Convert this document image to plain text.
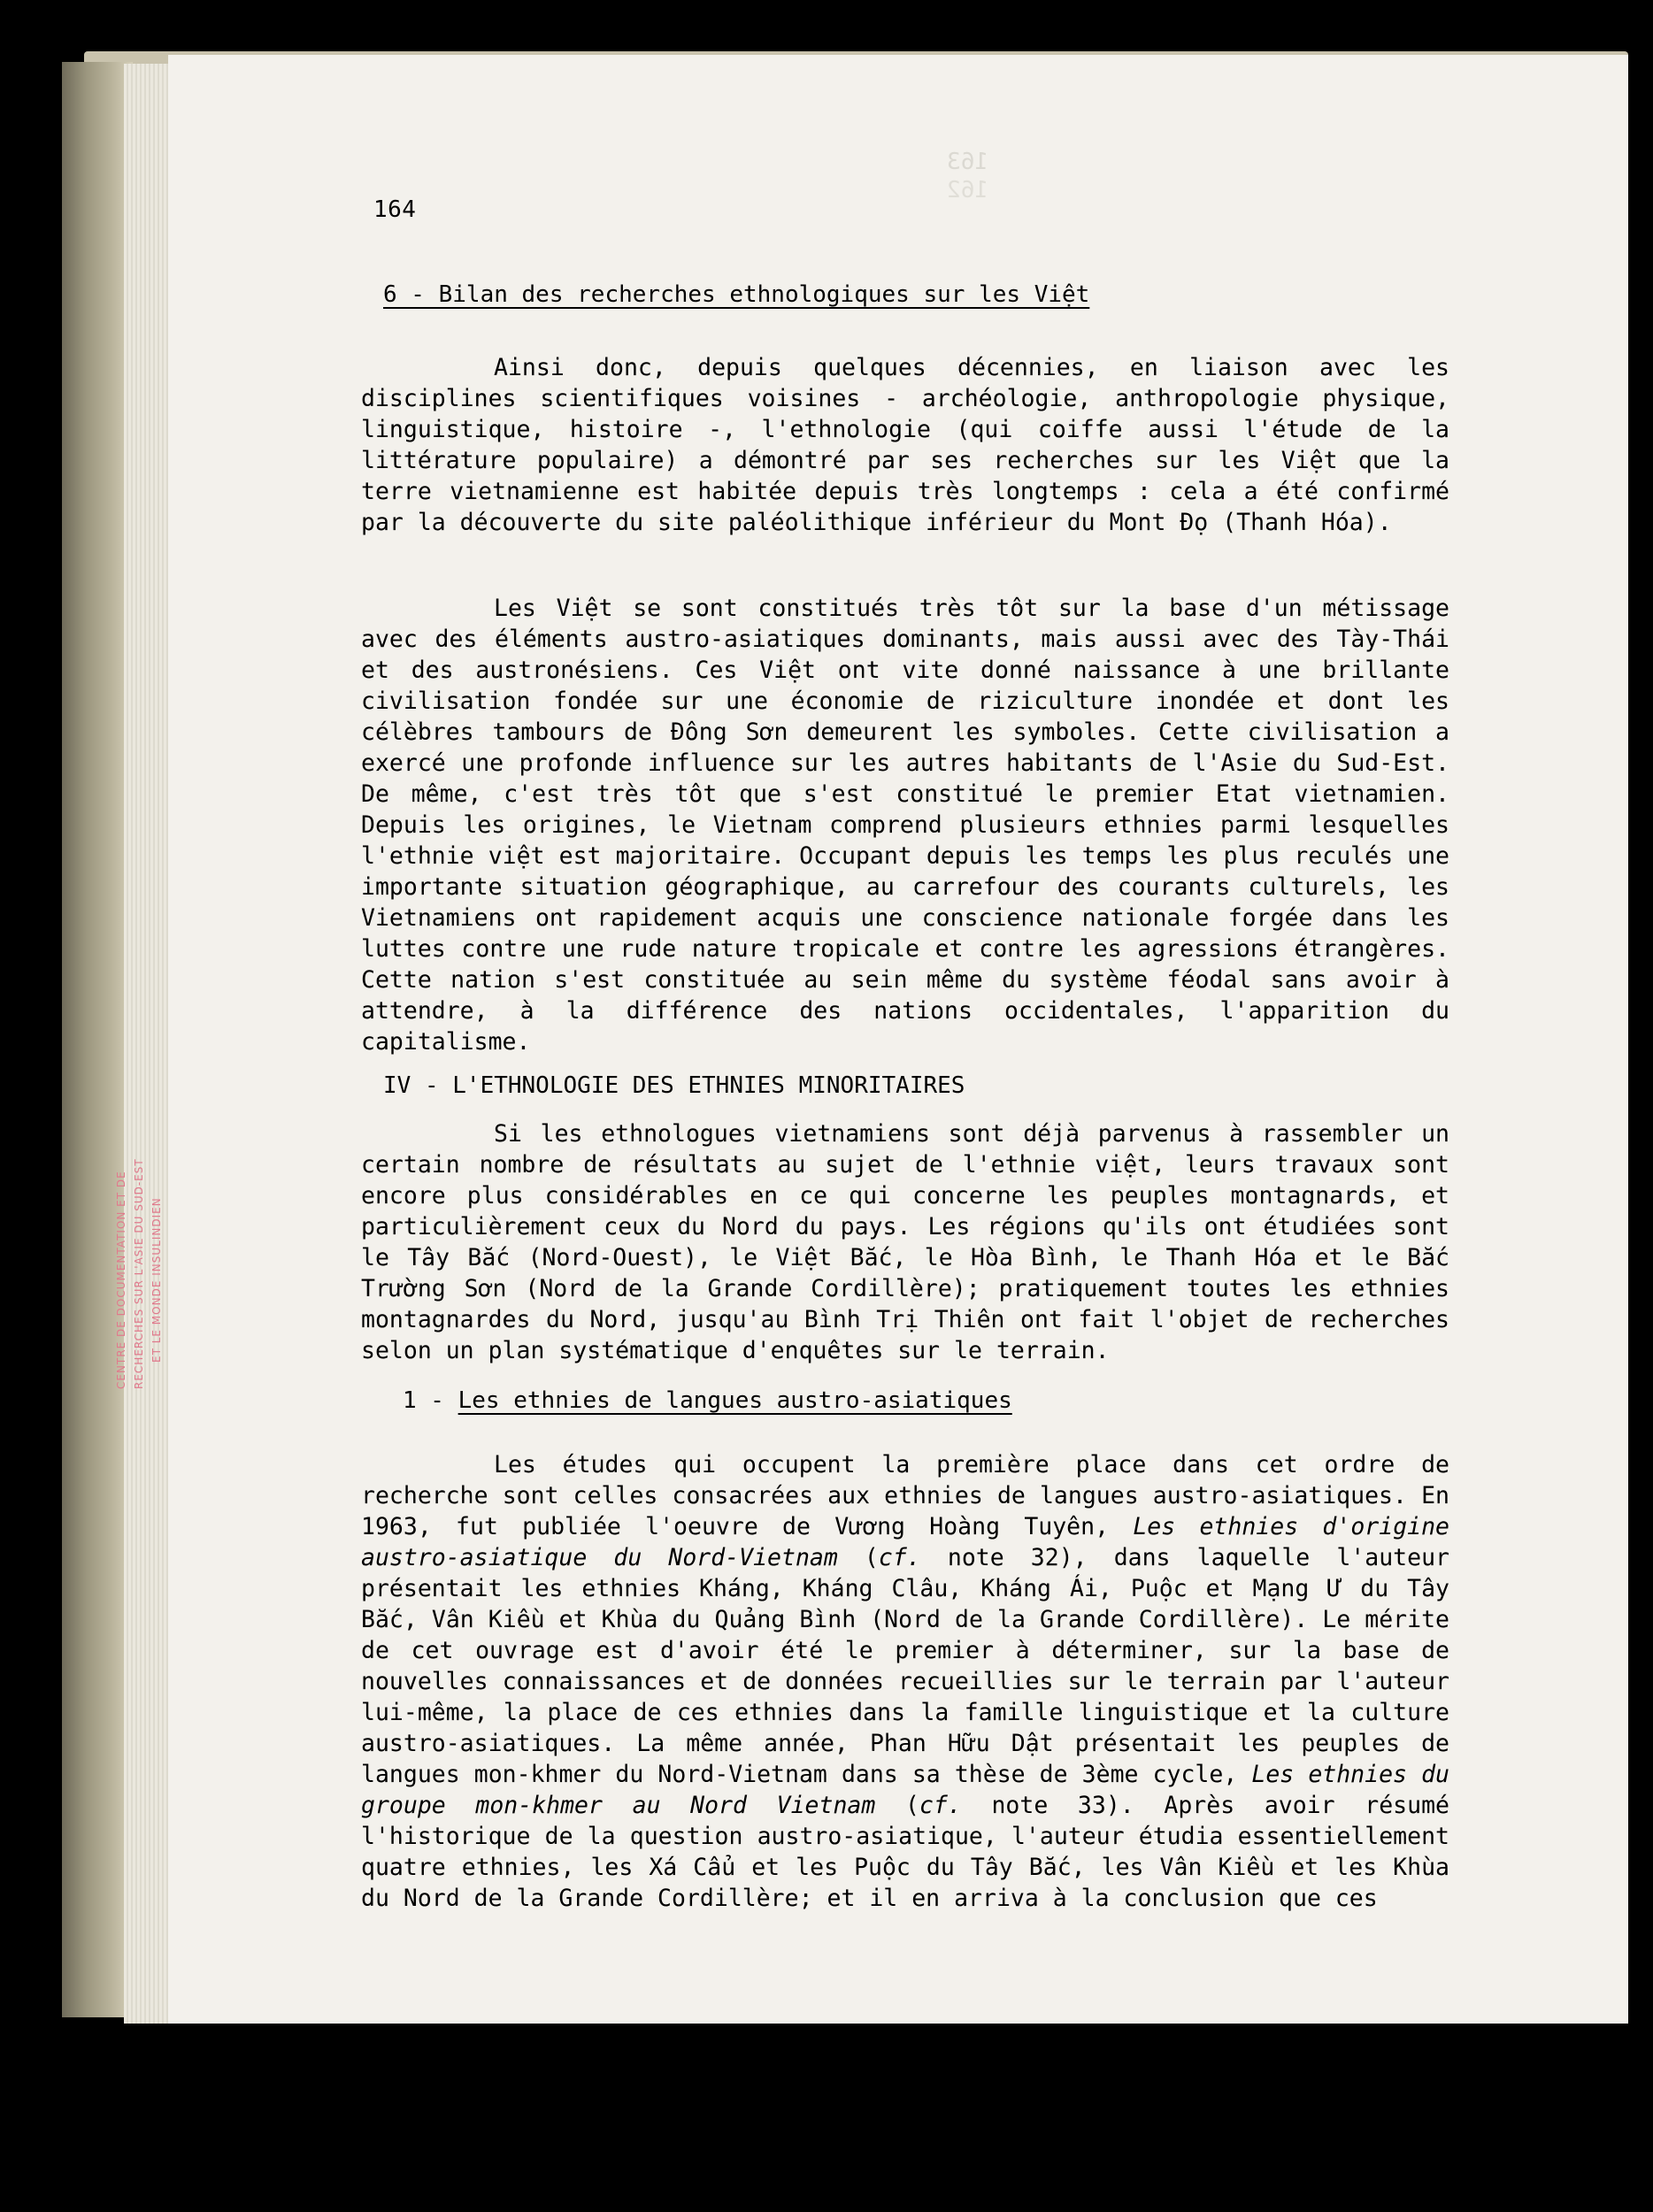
CENTRE DE DOCUMENTATION ET DE RECHERCHES SUR L'ASIE DU SUD-EST ET LE MONDE INSULINDIEN
163
162
164
6 - Bilan des recherches ethnologiques sur les Việt

Ainsi donc, depuis quelques décennies, en liaison avec les disciplines scientifiques voisines - archéologie, anthropologie physique, linguistique, histoire -, l'ethnologie (qui coiffe aussi l'étude de la littérature populaire) a démontré par ses recherches sur les Việt que la terre vietnamienne est habitée depuis très longtemps : cela a été confirmé par la découverte du site paléolithique inférieur du Mont Đọ (Thanh Hóa).

Les Việt se sont constitués très tôt sur la base d'un métissage avec des éléments austro-asiatiques dominants, mais aussi avec des Tày-Thái et des austronésiens. Ces Việt ont vite donné naissance à une brillante civilisation fondée sur une économie de riziculture inondée et dont les célèbres tambours de Đông Sơn demeurent les symboles. Cette civilisation a exercé une profonde influence sur les autres habitants de l'Asie du Sud-Est. De même, c'est très tôt que s'est constitué le premier Etat vietnamien. Depuis les origines, le Vietnam comprend plusieurs ethnies parmi lesquelles l'ethnie việt est majoritaire. Occupant depuis les temps les plus reculés une importante situation géographique, au carrefour des courants culturels, les Vietnamiens ont rapidement acquis une conscience nationale forgée dans les luttes contre une rude nature tropicale et contre les agressions étrangères. Cette nation s'est constituée au sein même du système féodal sans avoir à attendre, à la différence des nations occidentales, l'apparition du capitalisme.

IV - L'ETHNOLOGIE DES ETHNIES MINORITAIRES

Si les ethnologues vietnamiens sont déjà parvenus à rassembler un certain nombre de résultats au sujet de l'ethnie việt, leurs travaux sont encore plus considérables en ce qui concerne les peuples montagnards, et particulièrement ceux du Nord du pays. Les régions qu'ils ont étudiées sont le Tây Bắc (Nord-Ouest), le Việt Bắc, le Hòa Bình, le Thanh Hóa et le Bắc Trường Sơn (Nord de la Grande Cordillère); pratiquement toutes les ethnies montagnardes du Nord, jusqu'au Bình Trị Thiên ont fait l'objet de recherches selon un plan systématique d'enquêtes sur le terrain.

1 - Les ethnies de langues austro-asiatiques

Les études qui occupent la première place dans cet ordre de recherche sont celles consacrées aux ethnies de langues austro-asiatiques. En 1963, fut publiée l'oeuvre de Vương Hoàng Tuyên, Les ethnies d'origine austro-asiatique du Nord-Vietnam (cf. note 32), dans laquelle l'auteur présentait les ethnies Kháng, Kháng Clâu, Kháng Ái, Puộc et Mạng Ư du Tây Bắc, Vân Kiều et Khùa du Quảng Bình (Nord de la Grande Cordillère). Le mérite de cet ouvrage est d'avoir été le premier à déterminer, sur la base de nouvelles connaissances et de données recueillies sur le terrain par l'auteur lui-même, la place de ces ethnies dans la famille linguistique et la culture austro-asiatiques. La même année, Phan Hữu Dật présentait les peuples de langues mon-khmer du Nord-Vietnam dans sa thèse de 3ème cycle, Les ethnies du groupe mon-khmer au Nord Vietnam (cf. note 33). Après avoir résumé l'historique de la question austro-asiatique, l'auteur étudia essentiellement quatre ethnies, les Xá Cẩu et les Puộc du Tây Bắc, les Vân Kiều et les Khùa du Nord de la Grande Cordillère; et il en arriva à la conclusion que ces
